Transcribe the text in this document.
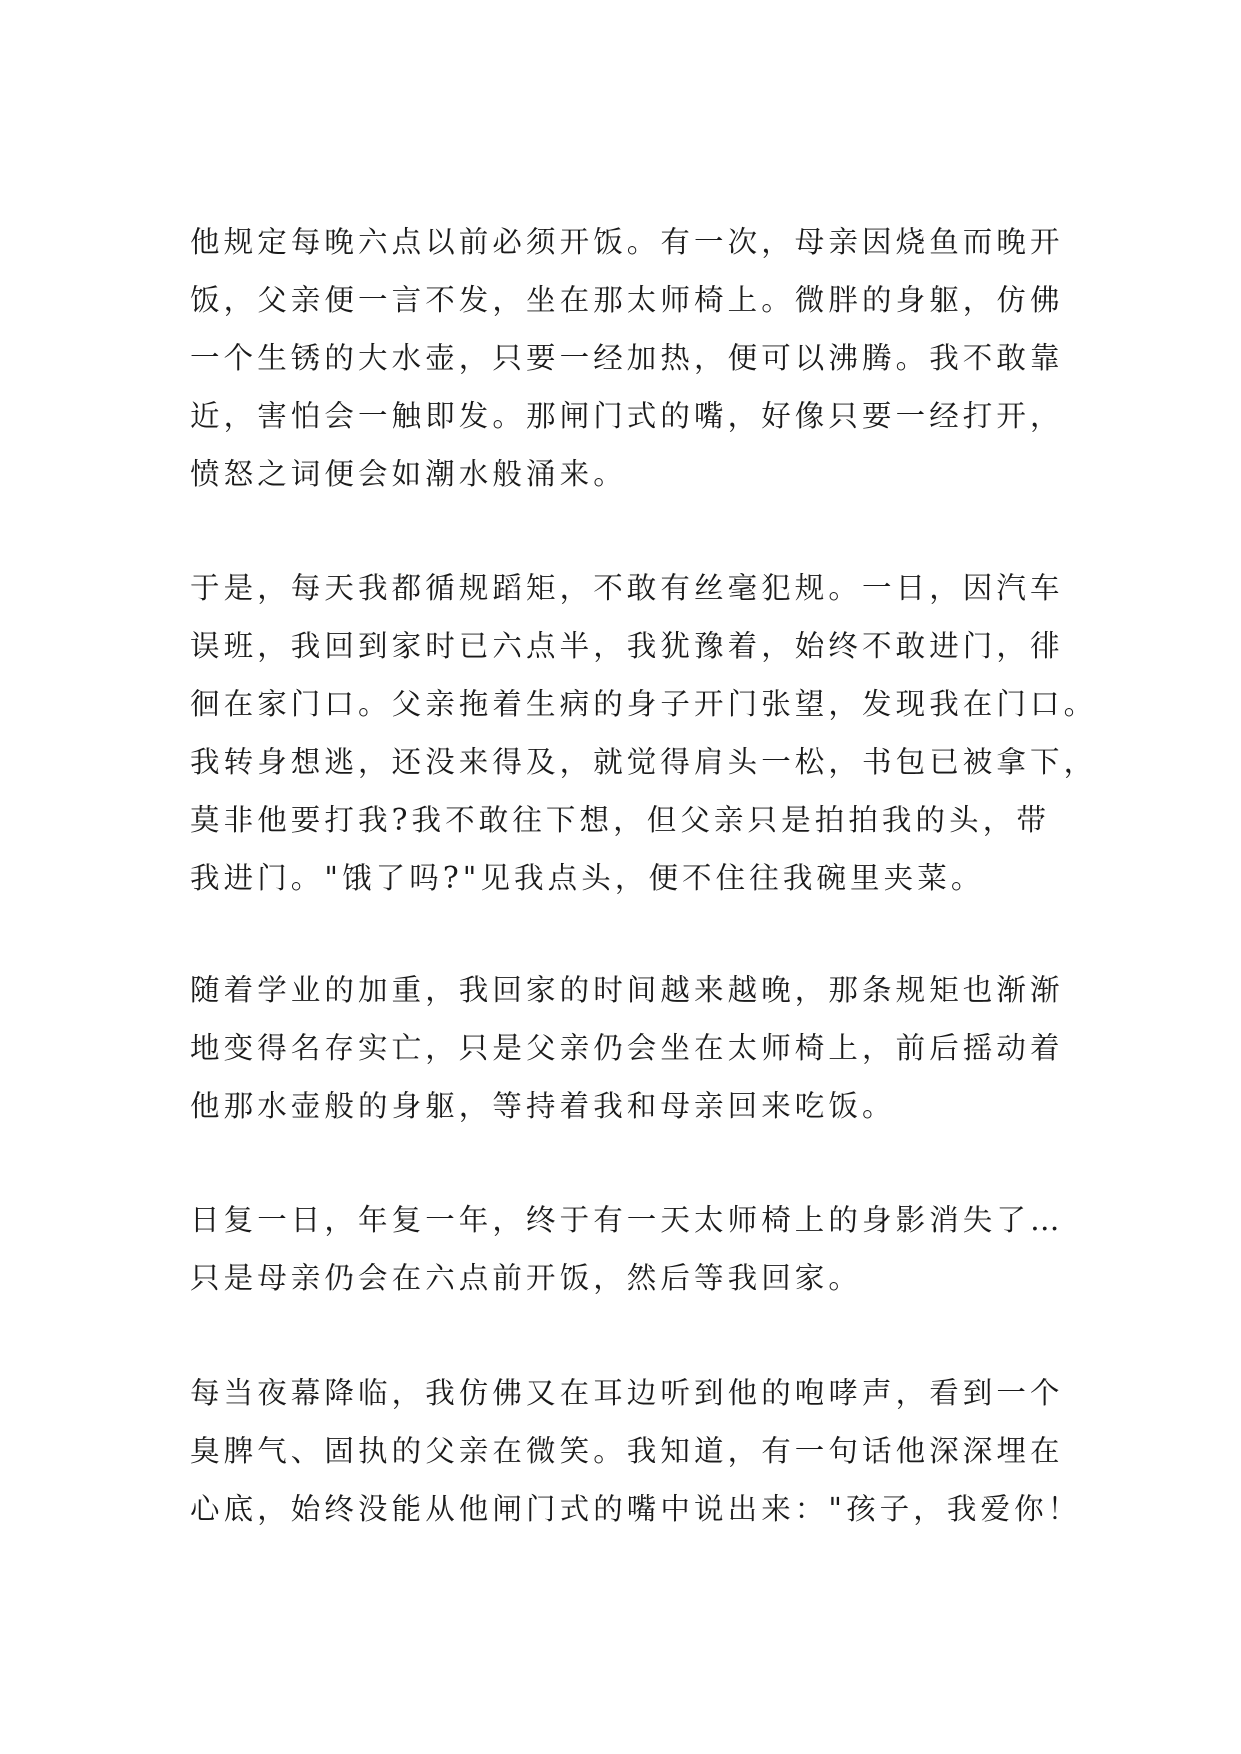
他规定每晚六点以前必须开饭。有一次，母亲因烧鱼而晚开
饭，父亲便一言不发，坐在那太师椅上。微胖的身躯，仿佛
一个生锈的大水壶，只要一经加热，便可以沸腾。我不敢靠
近，害怕会一触即发。那闸门式的嘴，好像只要一经打开，
愤怒之词便会如潮水般涌来。
于是，每天我都循规蹈矩，不敢有丝毫犯规。一日，因汽车
误班，我回到家时已六点半，我犹豫着，始终不敢进门，徘
徊在家门口。父亲拖着生病的身子开门张望，发现我在门口。
我转身想逃，还没来得及，就觉得肩头一松，书包已被拿下，
莫非他要打我?我不敢往下想，但父亲只是拍拍我的头，带
我进门。"饿了吗?"见我点头，便不住往我碗里夹菜。
随着学业的加重，我回家的时间越来越晚，那条规矩也渐渐
地变得名存实亡，只是父亲仍会坐在太师椅上，前后摇动着
他那水壶般的身躯，等持着我和母亲回来吃饭。
日复一日，年复一年，终于有一天太师椅上的身影消失了…
只是母亲仍会在六点前开饭，然后等我回家。
每当夜幕降临，我仿佛又在耳边听到他的咆哮声，看到一个
臭脾气、固执的父亲在微笑。我知道，有一句话他深深埋在
心底，始终没能从他闸门式的嘴中说出来："孩子，我爱你！
